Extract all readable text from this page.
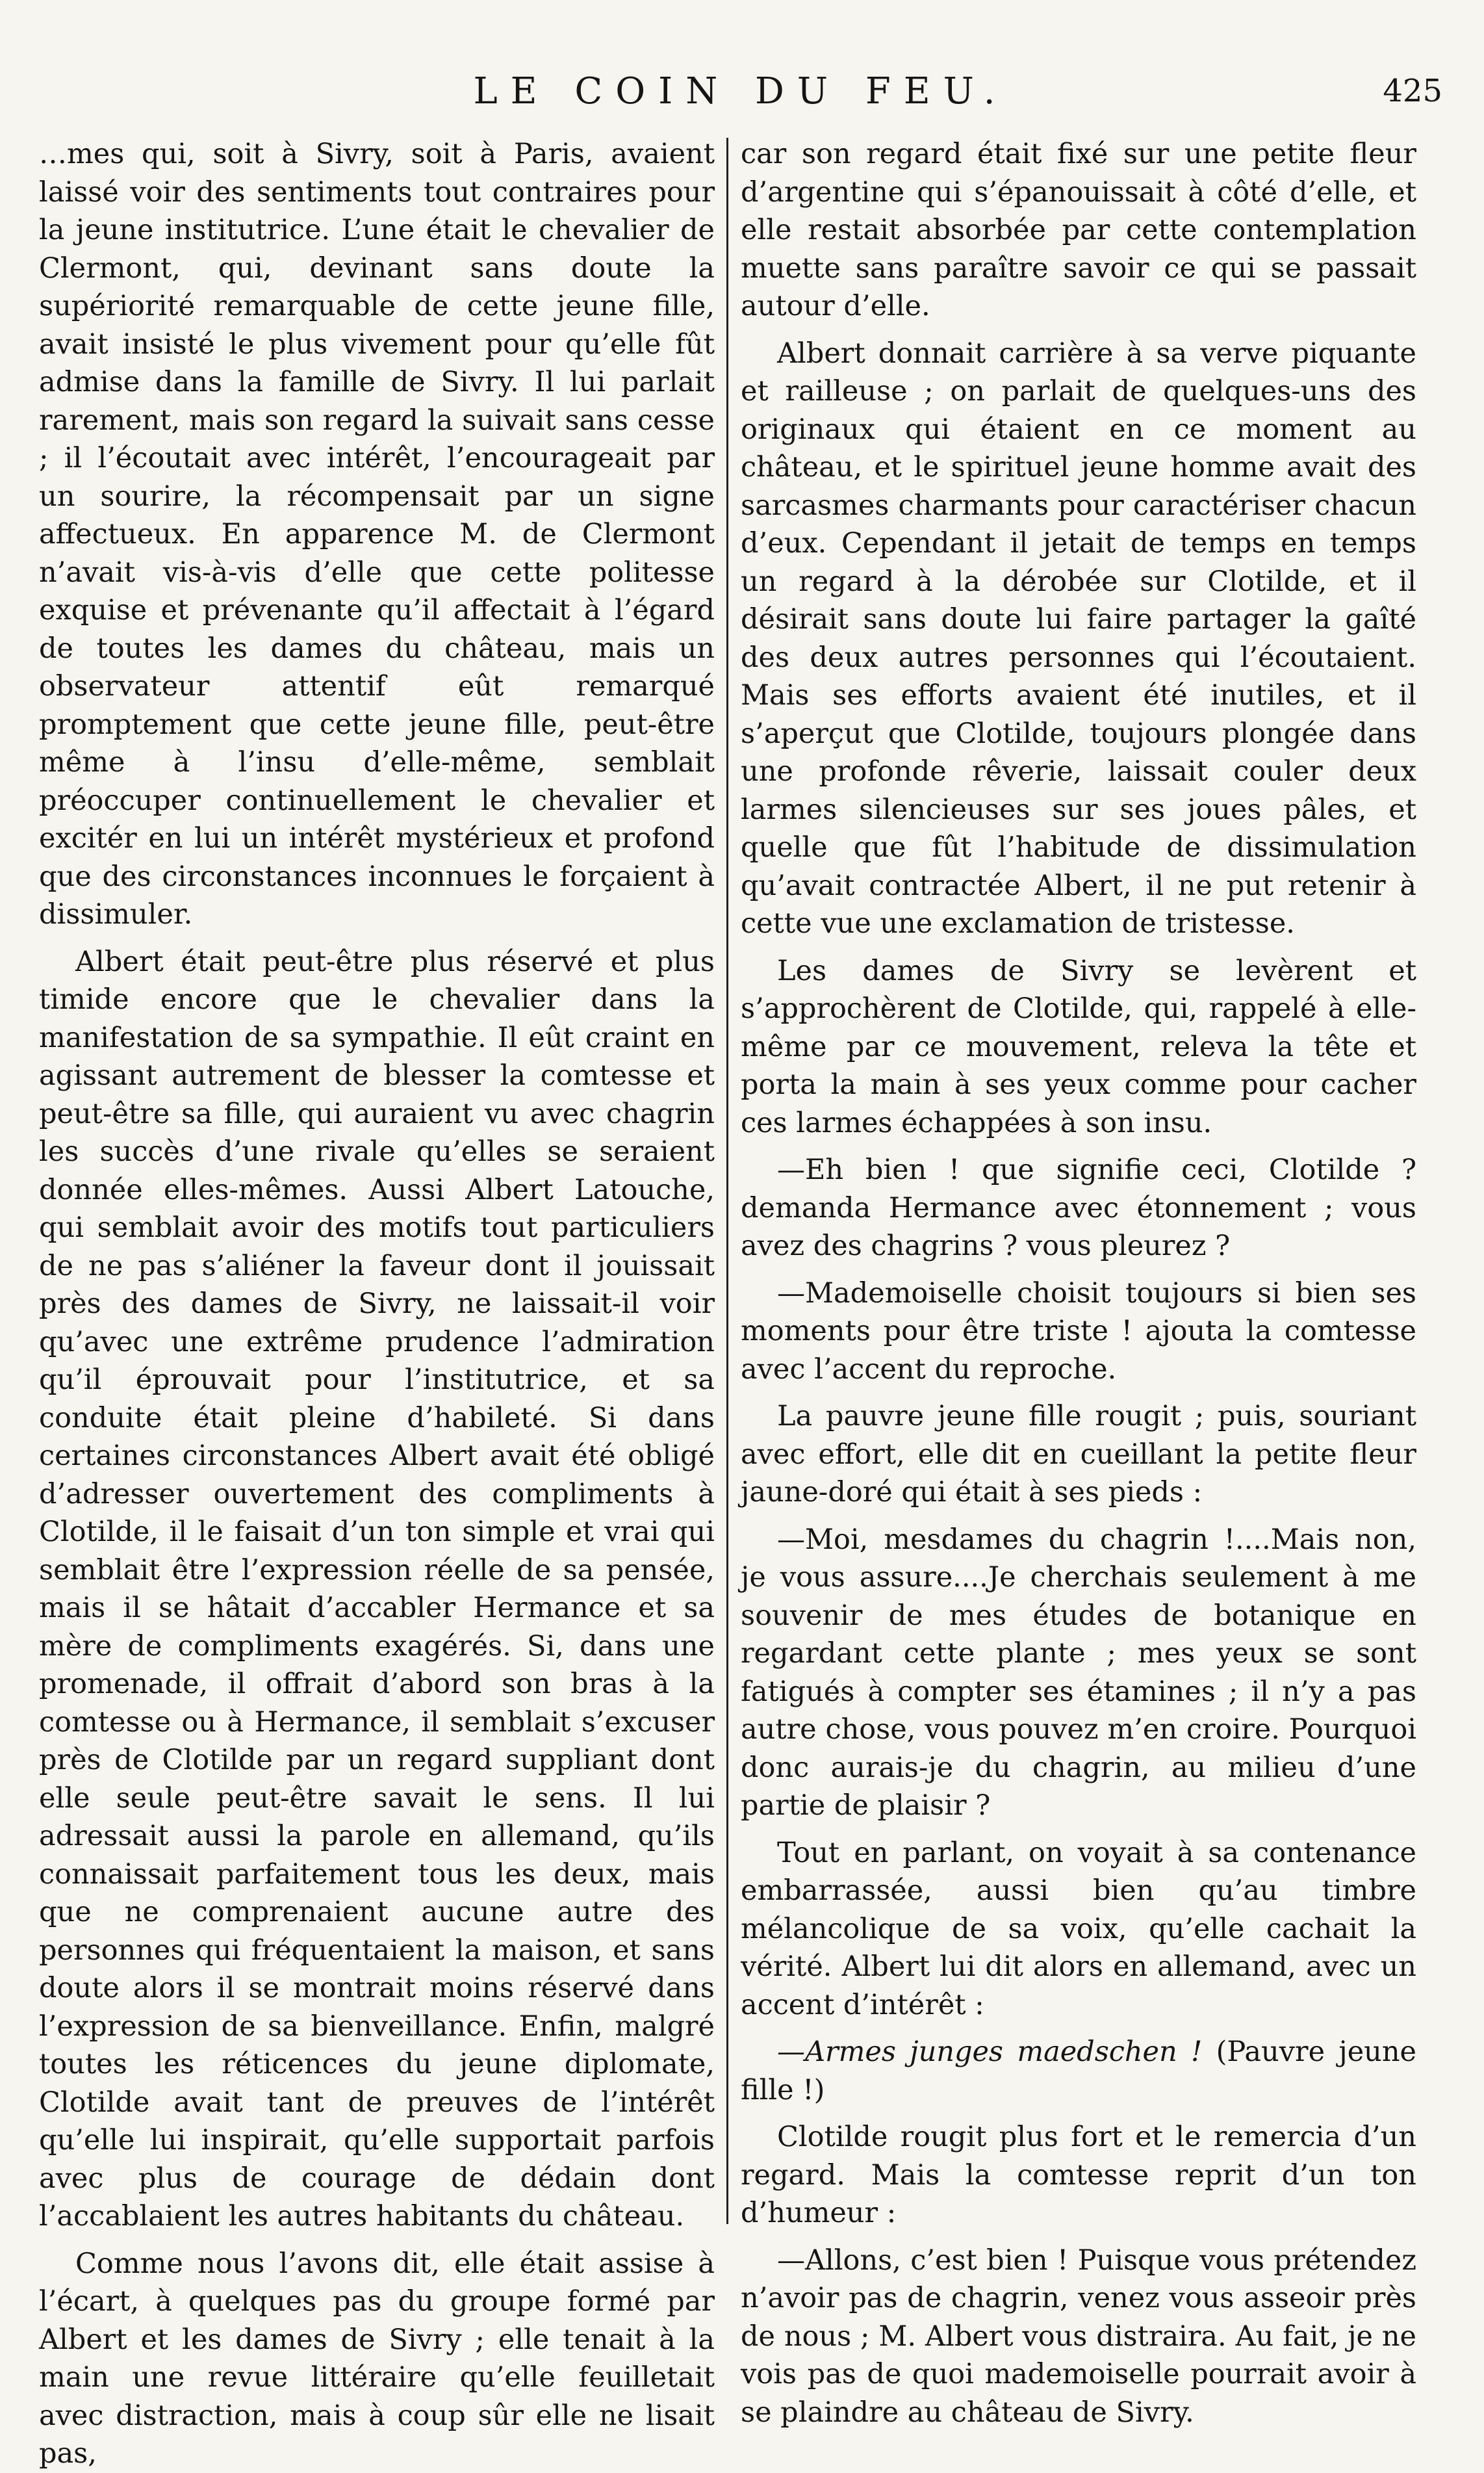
LE COIN DU FEU.	425

…mes qui, soit à Sivry, soit à Paris, avaient laissé voir des sentiments tout contraires pour la jeune institutrice. L’une était le chevalier de Clermont, qui, devinant sans doute la supériorité remarquable de cette jeune fille, avait insisté le plus vivement pour qu’elle fût admise dans la famille de Sivry. Il lui parlait rarement, mais son regard la suivait sans cesse ; il l’écoutait avec intérêt, l’encourageait par un sourire, la récompensait par un signe affectueux. En apparence M. de Clermont n’avait vis-à-vis d’elle que cette politesse exquise et prévenante qu’il affectait à l’égard de toutes les dames du château, mais un observateur attentif eût remarqué promptement que cette jeune fille, peut-être même à l’insu d’elle-même, semblait préoccuper continuellement le chevalier et excitér en lui un intérêt mystérieux et profond que des circonstances inconnues le forçaient à dissimuler.

Albert était peut-être plus réservé et plus timide encore que le chevalier dans la manifestation de sa sympathie. Il eût craint en agissant autrement de blesser la comtesse et peut-être sa fille, qui auraient vu avec chagrin les succès d’une rivale qu’elles se seraient donnée elles-mêmes. Aussi Albert Latouche, qui semblait avoir des motifs tout particuliers de ne pas s’aliéner la faveur dont il jouissait près des dames de Sivry, ne laissait-il voir qu’avec une extrême prudence l’admiration qu’il éprouvait pour l’institutrice, et sa conduite était pleine d’habileté. Si dans certaines circonstances Albert avait été obligé d’adresser ouvertement des compliments à Clotilde, il le faisait d’un ton simple et vrai qui semblait être l’expression réelle de sa pensée, mais il se hâtait d’accabler Hermance et sa mère de compliments exagérés. Si, dans une promenade, il offrait d’abord son bras à la comtesse ou à Hermance, il semblait s’excuser près de Clotilde par un regard suppliant dont elle seule peut-être savait le sens. Il lui adressait aussi la parole en allemand, qu’ils connaissait parfaitement tous les deux, mais que ne comprenaient aucune autre des personnes qui fréquentaient la maison, et sans doute alors il se montrait moins réservé dans l’expression de sa bienveillance. Enfin, malgré toutes les réticences du jeune diplomate, Clotilde avait tant de preuves de l’intérêt qu’elle lui inspirait, qu’elle supportait parfois avec plus de courage de dédain dont l’accablaient les autres habitants du château.

Comme nous l’avons dit, elle était assise à l’écart, à quelques pas du groupe formé par Albert et les dames de Sivry ; elle tenait à la main une revue littéraire qu’elle feuilletait avec distraction, mais à coup sûr elle ne lisait pas,

car son regard était fixé sur une petite fleur d’argentine qui s’épanouissait à côté d’elle, et elle restait absorbée par cette contemplation muette sans paraître savoir ce qui se passait autour d’elle.

Albert donnait carrière à sa verve piquante et railleuse ; on parlait de quelques-uns des originaux qui étaient en ce moment au château, et le spirituel jeune homme avait des sarcasmes charmants pour caractériser chacun d’eux. Cependant il jetait de temps en temps un regard à la dérobée sur Clotilde, et il désirait sans doute lui faire partager la gaîté des deux autres personnes qui l’écoutaient. Mais ses efforts avaient été inutiles, et il s’aperçut que Clotilde, toujours plongée dans une profonde rêverie, laissait couler deux larmes silencieuses sur ses joues pâles, et quelle que fût l’habitude de dissimulation qu’avait contractée Albert, il ne put retenir à cette vue une exclamation de tristesse.

Les dames de Sivry se levèrent et s’approchèrent de Clotilde, qui, rappelé à elle-même par ce mouvement, releva la tête et porta la main à ses yeux comme pour cacher ces larmes échappées à son insu.

—Eh bien ! que signifie ceci, Clotilde ? demanda Hermance avec étonnement ; vous avez des chagrins ? vous pleurez ?

—Mademoiselle choisit toujours si bien ses moments pour être triste ! ajouta la comtesse avec l’accent du reproche.

La pauvre jeune fille rougit ; puis, souriant avec effort, elle dit en cueillant la petite fleur jaune-doré qui était à ses pieds :

—Moi, mesdames du chagrin !....Mais non, je vous assure....Je cherchais seulement à me souvenir de mes études de botanique en regardant cette plante ; mes yeux se sont fatigués à compter ses étamines ; il n’y a pas autre chose, vous pouvez m’en croire. Pourquoi donc aurais-je du chagrin, au milieu d’une partie de plaisir ?

Tout en parlant, on voyait à sa contenance embarrassée, aussi bien qu’au timbre mélancolique de sa voix, qu’elle cachait la vérité. Albert lui dit alors en allemand, avec un accent d’intérêt :

—Armes junges maedschen ! (Pauvre jeune fille !)

Clotilde rougit plus fort et le remercia d’un regard. Mais la comtesse reprit d’un ton d’humeur :

—Allons, c’est bien ! Puisque vous prétendez n’avoir pas de chagrin, venez vous asseoir près de nous ; M. Albert vous distraira. Au fait, je ne vois pas de quoi mademoiselle pourrait avoir à se plaindre au château de Sivry.
